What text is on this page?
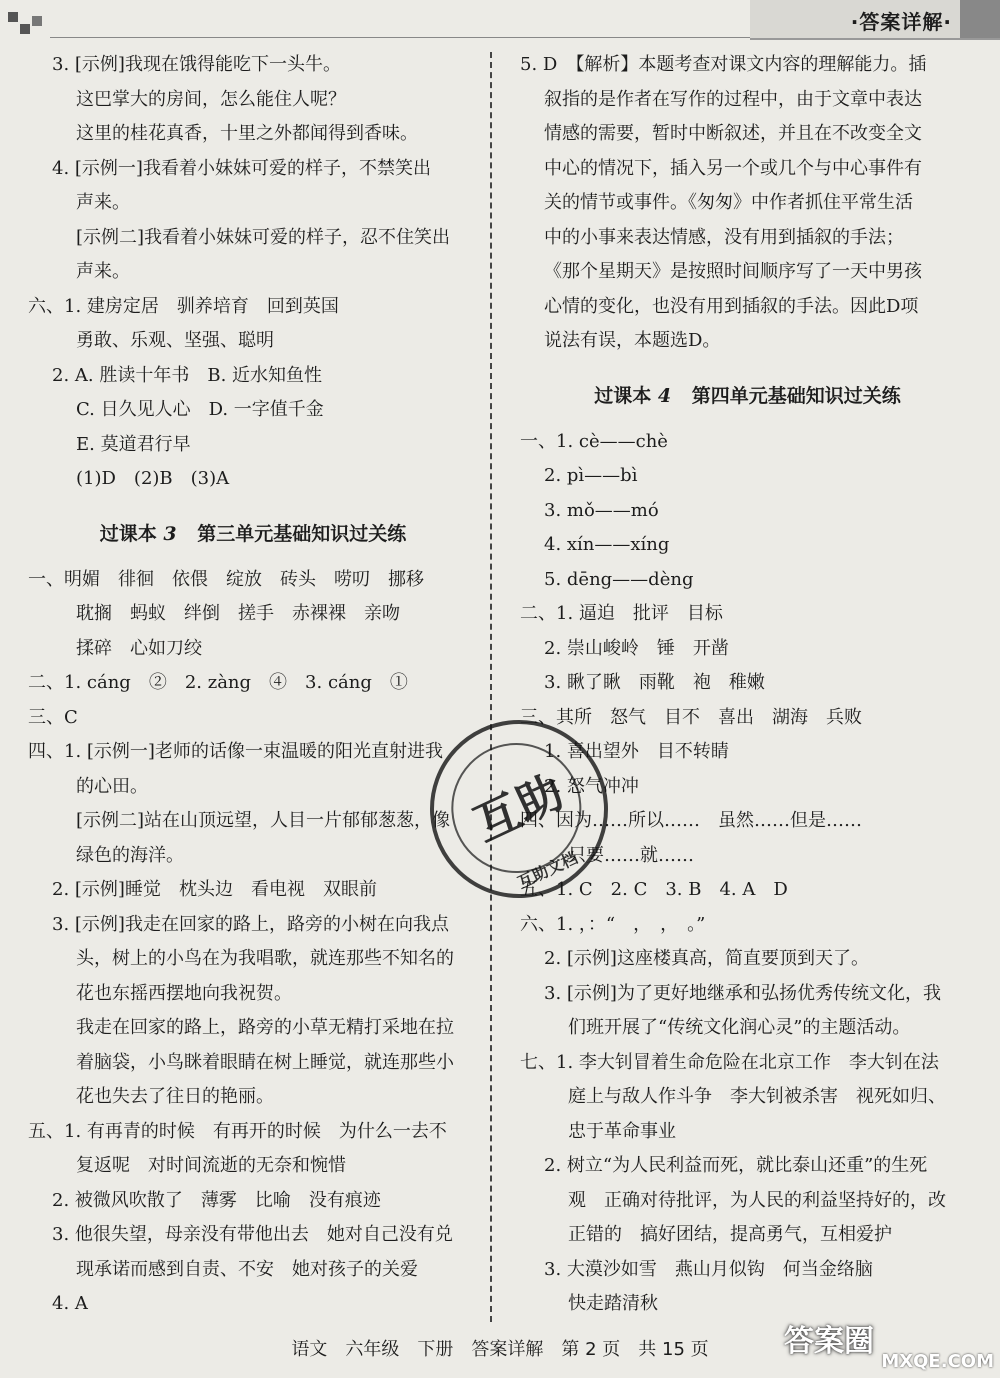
·答案详解·
3. [示例]我现在饿得能吃下一头牛。
这巴掌大的房间，怎么能住人呢？
这里的桂花真香，十里之外都闻得到香味。
4. [示例一]我看着小妹妹可爱的样子，不禁笑出
声来。
[示例二]我看着小妹妹可爱的样子，忍不住笑出
声来。
六、1. 建房定居　驯养培育　回到英国
勇敢、乐观、坚强、聪明
2. A. 胜读十年书　B. 近水知鱼性
C. 日久见人心　D. 一字值千金
E. 莫道君行早
(1)D　(2)B　(3)A
过课本 3 第三单元基础知识过关练
一、明媚　徘徊　依偎　绽放　砖头　唠叨　挪移
耽搁　蚂蚁　绊倒　搓手　赤裸裸　亲吻
揉碎　心如刀绞
二、1. cáng　②　2. zàng　④　3. cáng　①
三、C
四、1. [示例一]老师的话像一束温暖的阳光直射进我
的心田。
[示例二]站在山顶远望，人目一片郁郁葱葱，像
绿色的海洋。
2. [示例]睡觉　枕头边　看电视　双眼前
3. [示例]我走在回家的路上，路旁的小树在向我点
头，树上的小鸟在为我唱歌，就连那些不知名的
花也东摇西摆地向我祝贺。
我走在回家的路上，路旁的小草无精打采地在拉
着脑袋，小鸟眯着眼睛在树上睡觉，就连那些小
花也失去了往日的艳丽。
五、1. 有再青的时候　有再开的时候　为什么一去不
复返呢　对时间流逝的无奈和惋惜
2. 被微风吹散了　薄雾　比喻　没有痕迹
3. 他很失望，母亲没有带他出去　她对自己没有兑
现承诺而感到自责、不安　她对孩子的关爱
4. A
5. D　【解析】本题考查对课文内容的理解能力。插
叙指的是作者在写作的过程中，由于文章中表达
情感的需要，暂时中断叙述，并且在不改变全文
中心的情况下，插入另一个或几个与中心事件有
关的情节或事件。《匆匆》中作者抓住平常生活
中的小事来表达情感，没有用到插叙的手法；
《那个星期天》是按照时间顺序写了一天中男孩
心情的变化，也没有用到插叙的手法。因此D项
说法有误，本题选D。
过课本 4 第四单元基础知识过关练
一、1. cè——chè
2. pì——bì
3. mǒ——mó
4. xín——xíng
5. dēng——dèng
二、1. 逼迫　批评　目标
2. 崇山峻岭　锤　开凿
3. 瞅了瞅　雨靴　袍　稚嫩
三、其所　怒气　目不　喜出　湖海　兵败
1. 喜出望外　目不转睛
2. 怒气冲冲
四、因为……所以……　虽然……但是……
只要……就……
五、1. C　2. C　3. B　4. A　D
六、1. ，：“　，　，　。”
2. [示例]这座楼真高，简直要顶到天了。
3. [示例]为了更好地继承和弘扬优秀传统文化，我
们班开展了“传统文化润心灵”的主题活动。
七、1. 李大钊冒着生命危险在北京工作　李大钊在法
庭上与敌人作斗争　李大钊被杀害　视死如归、
忠于革命事业
2. 树立“为人民利益而死，就比泰山还重”的生死
观　正确对待批评，为人民的利益坚持好的，改
正错的　搞好团结，提高勇气，互相爱护
3. 大漠沙如雪　燕山月似钩　何当金络脑
快走踏清秋
互助
互助文档
语文　六年级　下册　答案详解　第 2 页　共 15 页	答案圈
MXQE.COM
